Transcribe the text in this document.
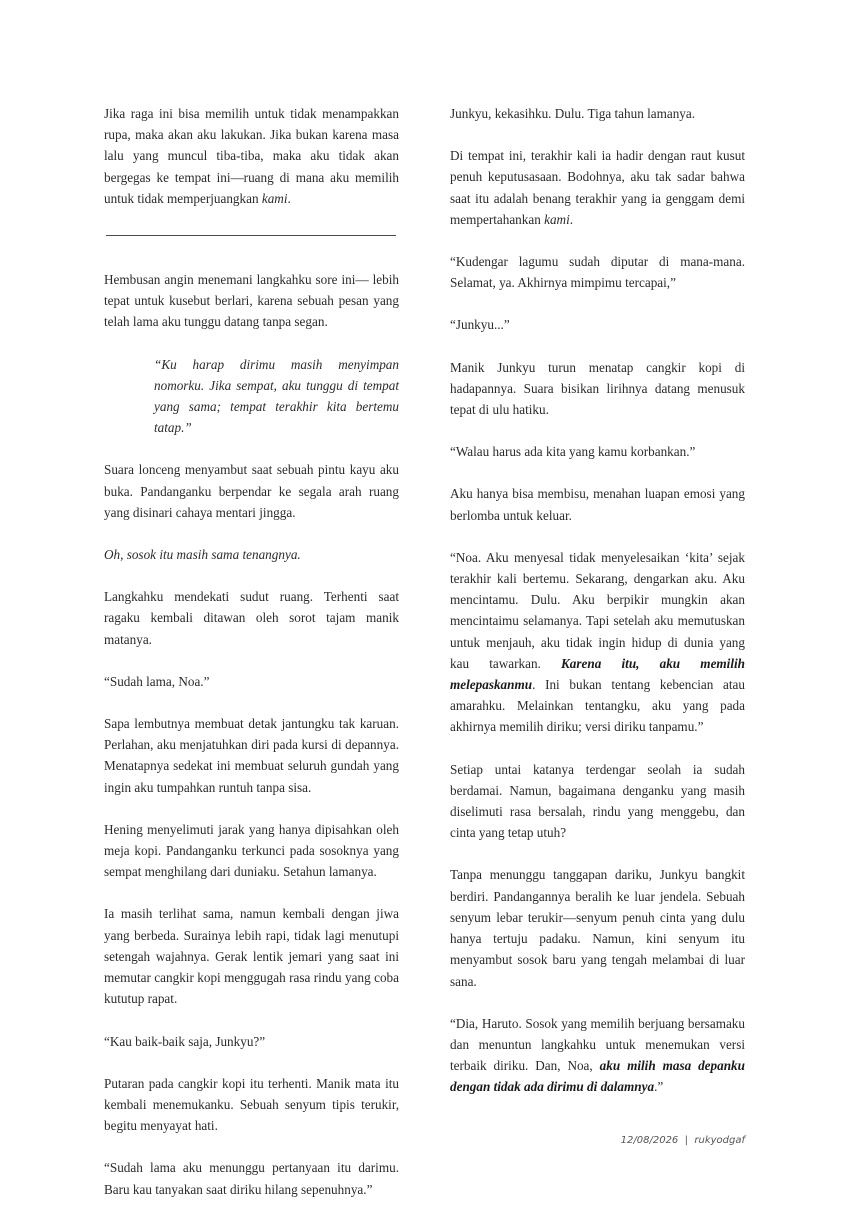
Jika raga ini bisa memilih untuk tidak menampakkan rupa, maka akan aku lakukan. Jika bukan karena masa lalu yang muncul tiba-tiba, maka aku tidak akan bergegas ke tempat ini—ruang di mana aku memilih untuk tidak memperjuangkan kami.

Hembusan angin menemani langkahku sore ini— lebih tepat untuk kusebut berlari, karena sebuah pesan yang telah lama aku tunggu datang tanpa segan.

“Ku harap dirimu masih menyimpan nomorku. Jika sempat, aku tunggu di tempat yang sama; tempat terakhir kita bertemu tatap.”

Suara lonceng menyambut saat sebuah pintu kayu aku buka. Pandanganku berpendar ke segala arah ruang yang disinari cahaya mentari jingga.

Oh, sosok itu masih sama tenangnya.

Langkahku mendekati sudut ruang. Terhenti saat ragaku kembali ditawan oleh sorot tajam manik matanya.

“Sudah lama, Noa.”

Sapa lembutnya membuat detak jantungku tak karuan. Perlahan, aku menjatuhkan diri pada kursi di depannya. Menatapnya sedekat ini membuat seluruh gundah yang ingin aku tumpahkan runtuh tanpa sisa.

Hening menyelimuti jarak yang hanya dipisahkan oleh meja kopi. Pandanganku terkunci pada sosoknya yang sempat menghilang dari duniaku. Setahun lamanya.

Ia masih terlihat sama, namun kembali dengan jiwa yang berbeda. Surainya lebih rapi, tidak lagi menutupi setengah wajahnya. Gerak lentik jemari yang saat ini memutar cangkir kopi menggugah rasa rindu yang coba kututup rapat.

“Kau baik-baik saja, Junkyu?”

Putaran pada cangkir kopi itu terhenti. Manik mata itu kembali menemukanku. Sebuah senyum tipis terukir, begitu menyayat hati.

“Sudah lama aku menunggu pertanyaan itu darimu. Baru kau tanyakan saat diriku hilang sepenuhnya.”

Junkyu, kekasihku. Dulu. Tiga tahun lamanya.

Di tempat ini, terakhir kali ia hadir dengan raut kusut penuh keputusasaan. Bodohnya, aku tak sadar bahwa saat itu adalah benang terakhir yang ia genggam demi mempertahankan kami.

“Kudengar lagumu sudah diputar di mana-mana. Selamat, ya. Akhirnya mimpimu tercapai,”

“Junkyu...”

Manik Junkyu turun menatap cangkir kopi di hadapannya. Suara bisikan lirihnya datang menusuk tepat di ulu hatiku.

“Walau harus ada kita yang kamu korbankan.”

Aku hanya bisa membisu, menahan luapan emosi yang berlomba untuk keluar.

“Noa. Aku menyesal tidak menyelesaikan ‘kita’ sejak terakhir kali bertemu. Sekarang, dengarkan aku. Aku mencintamu. Dulu. Aku berpikir mungkin akan mencintaimu selamanya. Tapi setelah aku memutuskan untuk menjauh, aku tidak ingin hidup di dunia yang kau tawarkan. Karena itu, aku memilih melepaskanmu. Ini bukan tentang kebencian atau amarahku. Melainkan tentangku, aku yang pada akhirnya memilih diriku; versi diriku tanpamu.”

Setiap untai katanya terdengar seolah ia sudah berdamai. Namun, bagaimana denganku yang masih diselimuti rasa bersalah, rindu yang menggebu, dan cinta yang tetap utuh?

Tanpa menunggu tanggapan dariku, Junkyu bangkit berdiri. Pandangannya beralih ke luar jendela. Sebuah senyum lebar terukir—senyum penuh cinta yang dulu hanya tertuju padaku. Namun, kini senyum itu menyambut sosok baru yang tengah melambai di luar sana.

“Dia, Haruto. Sosok yang memilih berjuang bersamaku dan menuntun langkahku untuk menemukan versi terbaik diriku. Dan, Noa, aku milih masa depanku dengan tidak ada dirimu di dalamnya.”

12/08/2026  |  rukyodgaf
